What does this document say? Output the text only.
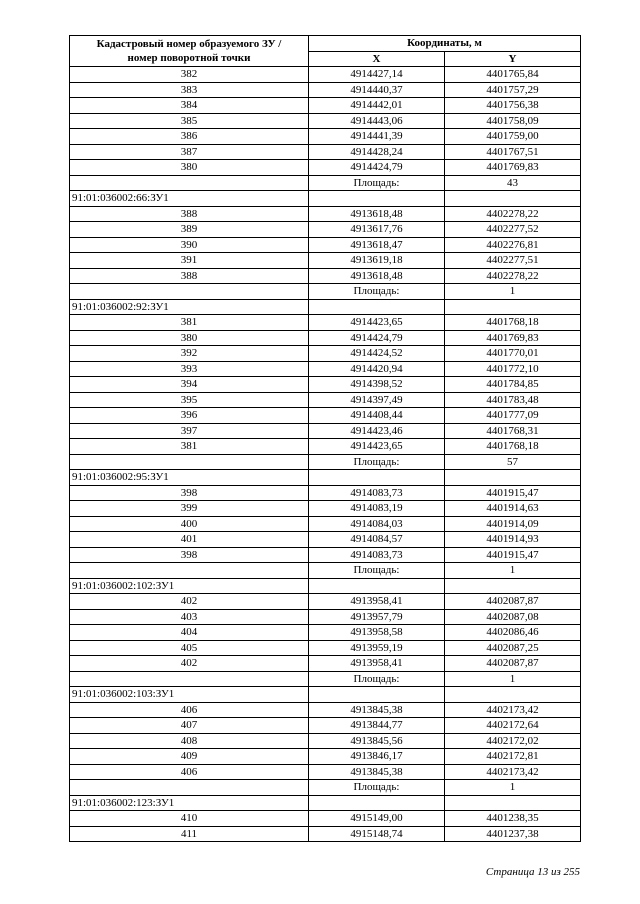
Кадастровый номер образуемого ЗУ /
номер поворотной точки	Координаты, м	
	X	Y
382	4914427,14	4401765,84
383	4914440,37	4401757,29
384	4914442,01	4401756,38
385	4914443,06	4401758,09
386	4914441,39	4401759,00
387	4914428,24	4401767,51
380	4914424,79	4401769,83
	Площадь:	43
91:01:036002:66:ЗУ1		
388	4913618,48	4402278,22
389	4913617,76	4402277,52
390	4913618,47	4402276,81
391	4913619,18	4402277,51
388	4913618,48	4402278,22
	Площадь:	1
91:01:036002:92:ЗУ1		
381	4914423,65	4401768,18
380	4914424,79	4401769,83
392	4914424,52	4401770,01
393	4914420,94	4401772,10
394	4914398,52	4401784,85
395	4914397,49	4401783,48
396	4914408,44	4401777,09
397	4914423,46	4401768,31
381	4914423,65	4401768,18
	Площадь:	57
91:01:036002:95:ЗУ1		
398	4914083,73	4401915,47
399	4914083,19	4401914,63
400	4914084,03	4401914,09
401	4914084,57	4401914,93
398	4914083,73	4401915,47
	Площадь:	1
91:01:036002:102:ЗУ1		
402	4913958,41	4402087,87
403	4913957,79	4402087,08
404	4913958,58	4402086,46
405	4913959,19	4402087,25
402	4913958,41	4402087,87
	Площадь:	1
91:01:036002:103:ЗУ1		
406	4913845,38	4402173,42
407	4913844,77	4402172,64
408	4913845,56	4402172,02
409	4913846,17	4402172,81
406	4913845,38	4402173,42
	Площадь:	1
91:01:036002:123:ЗУ1		
410	4915149,00	4401238,35
411	4915148,74	4401237,38
Страница 13 из 255
